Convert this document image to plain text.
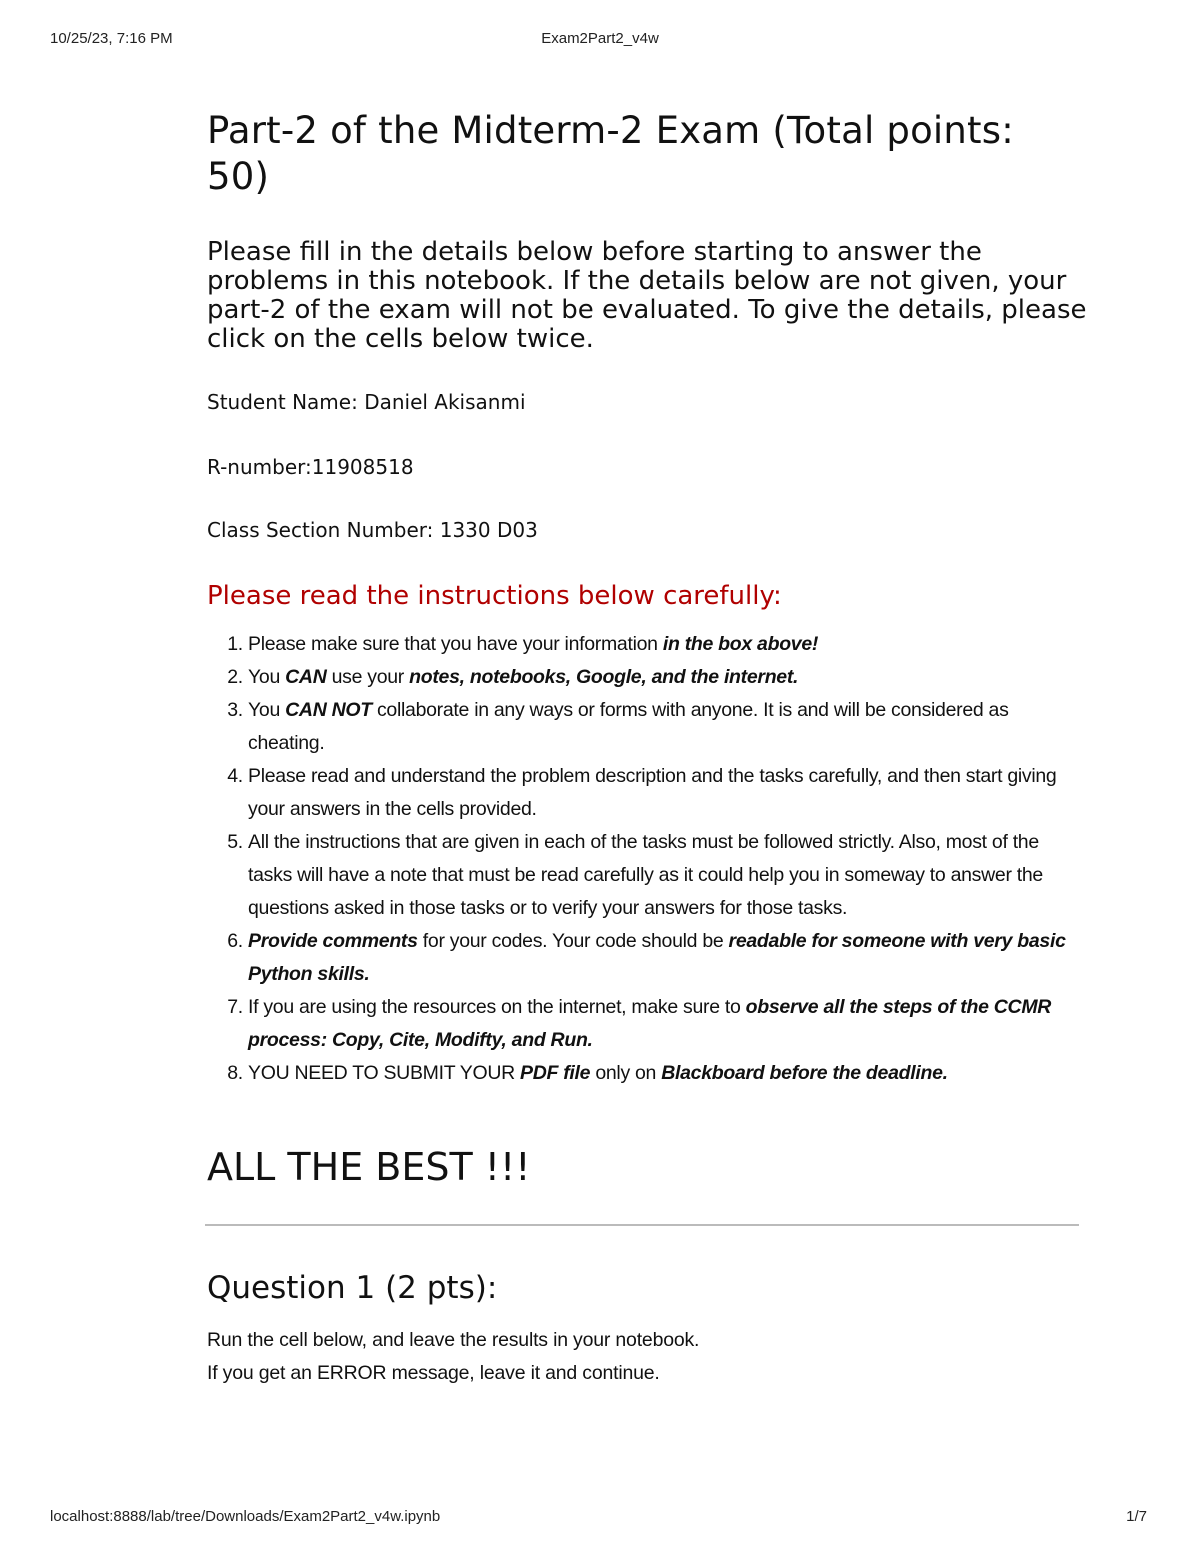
10/25/23, 7:16 PM	Exam2Part2_v4w
Part-2 of the Midterm-2 Exam (Total points: 50)
Please fill in the details below before starting to answer the problems in this notebook. If the details below are not given, your part-2 of the exam will not be evaluated. To give the details, please click on the cells below twice.
Student Name: Daniel Akisanmi
R-number:11908518
Class Section Number: 1330 D03
Please read the instructions below carefully:
1. Please make sure that you have your information in the box above!
2. You CAN use your notes, notebooks, Google, and the internet.
3. You CAN NOT collaborate in any ways or forms with anyone. It is and will be considered as cheating.
4. Please read and understand the problem description and the tasks carefully, and then start giving your answers in the cells provided.
5. All the instructions that are given in each of the tasks must be followed strictly. Also, most of the tasks will have a note that must be read carefully as it could help you in someway to answer the questions asked in those tasks or to verify your answers for those tasks.
6. Provide comments for your codes. Your code should be readable for someone with very basic Python skills.
7. If you are using the resources on the internet, make sure to observe all the steps of the CCMR process: Copy, Cite, Modifty, and Run.
8. YOU NEED TO SUBMIT YOUR PDF file only on Blackboard before the deadline.
ALL THE BEST !!!
Question 1 (2 pts):
Run the cell below, and leave the results in your notebook.
If you get an ERROR message, leave it and continue.
localhost:8888/lab/tree/Downloads/Exam2Part2_v4w.ipynb	1/7
